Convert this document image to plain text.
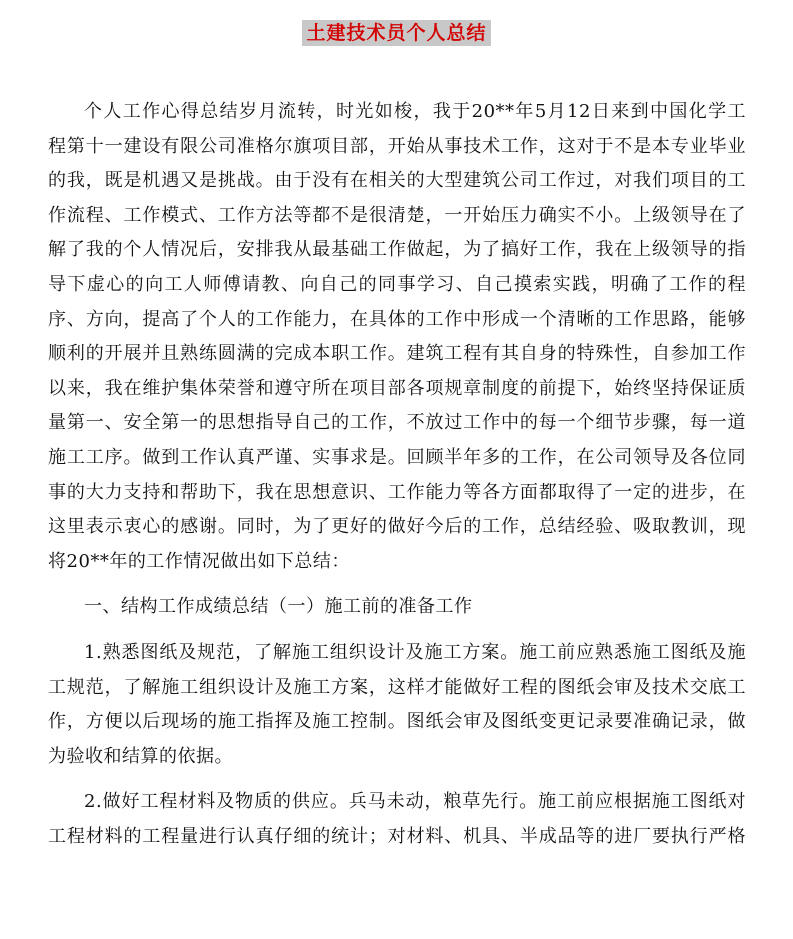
土建技术员个人总结
个人工作心得总结岁月流转，时光如梭，我于20**年5月12日来到中国化学工
程第十一建设有限公司准格尔旗项目部，开始从事技术工作，这对于不是本专业毕业
的我，既是机遇又是挑战。由于没有在相关的大型建筑公司工作过，对我们项目的工
作流程、工作模式、工作方法等都不是很清楚，一开始压力确实不小。上级领导在了
解了我的个人情况后，安排我从最基础工作做起，为了搞好工作，我在上级领导的指
导下虚心的向工人师傅请教、向自己的同事学习、自己摸索实践，明确了工作的程
序、方向，提高了个人的工作能力，在具体的工作中形成一个清晰的工作思路，能够
顺利的开展并且熟练圆满的完成本职工作。建筑工程有其自身的特殊性，自参加工作
以来，我在维护集体荣誉和遵守所在项目部各项规章制度的前提下，始终坚持保证质
量第一、安全第一的思想指导自己的工作，不放过工作中的每一个细节步骤，每一道
施工工序。做到工作认真严谨、实事求是。回顾半年多的工作，在公司领导及各位同
事的大力支持和帮助下，我在思想意识、工作能力等各方面都取得了一定的进步，在
这里表示衷心的感谢。同时，为了更好的做好今后的工作，总结经验、吸取教训，现
将20**年的工作情况做出如下总结：
一、结构工作成绩总结（一）施工前的准备工作
1.熟悉图纸及规范，了解施工组织设计及施工方案。施工前应熟悉施工图纸及施
工规范，了解施工组织设计及施工方案，这样才能做好工程的图纸会审及技术交底工
作，方便以后现场的施工指挥及施工控制。图纸会审及图纸变更记录要准确记录，做
为验收和结算的依据。
2.做好工程材料及物质的供应。兵马未动，粮草先行。施工前应根据施工图纸对
工程材料的工程量进行认真仔细的统计；对材料、机具、半成品等的进厂要执行严格
